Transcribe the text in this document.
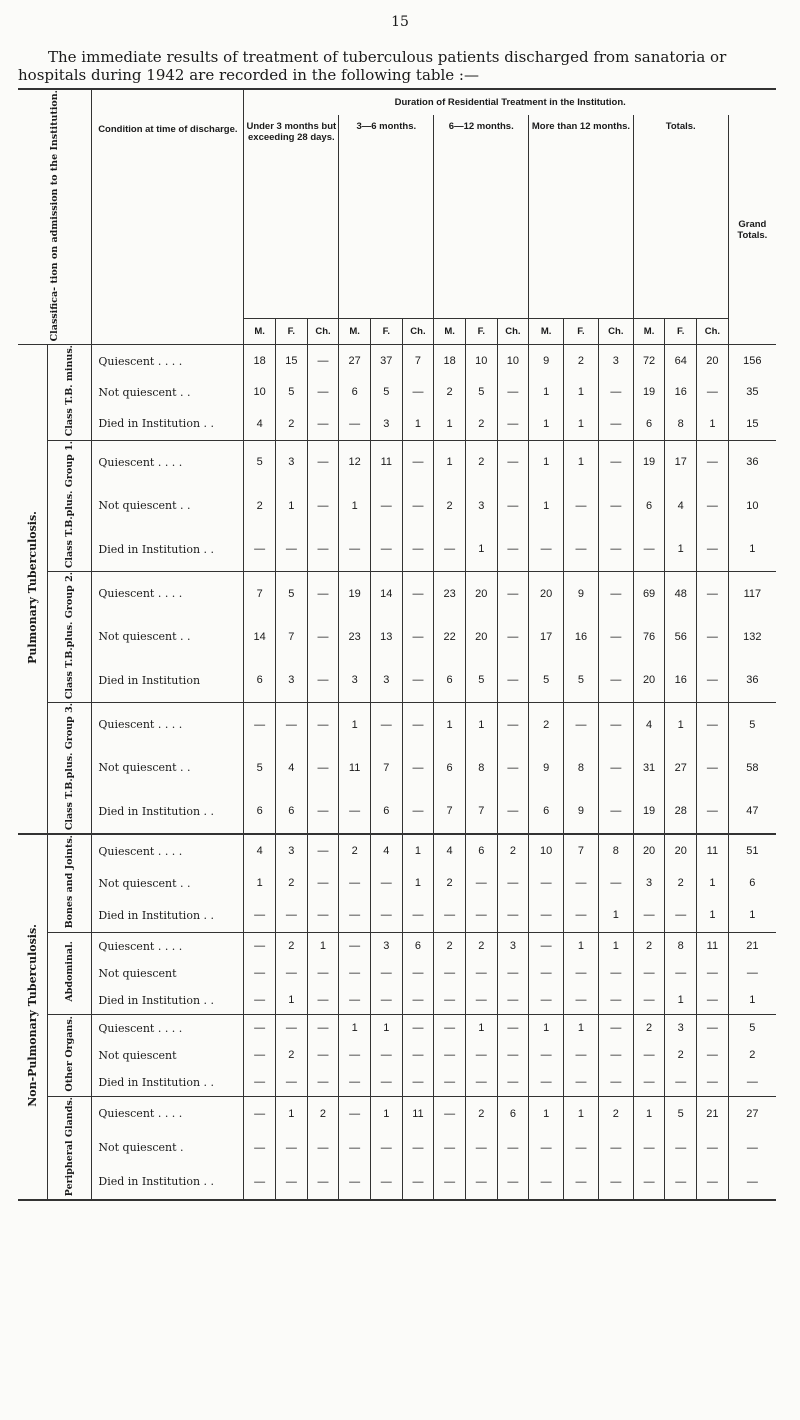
15
The immediate results of treatment of tuberculous patients discharged from sanatoria or
hospitals during 1942 are recorded in the following table :—
Classifica- tion on admission to the Institution.		Condition at time of discharge.	Duration of Residential Treatment in the Institution.															
			Under 3 months but exceeding 28 days.			3—6 months.			6—12 months.			More than 12 months.			Totals.			Grand Totals.
			M.	F.	Ch.	M.	F.	Ch.	M.	F.	Ch.	M.	F.	Ch.	M.	F.	Ch.	
Pulmonary Tuberculosis.	Class T.B. minus.	Quiescent . . . .	18	15	—	27	37	7	18	10	10	9	2	3	72	64	20	156
		Not quiescent . .	10	5	—	6	5	—	2	5	—	1	1	—	19	16	—	35
		Died in Institution . .	4	2	—	—	3	1	1	2	—	1	1	—	6	8	1	15
	Class T.B.plus. Group 1.	Quiescent . . . .	5	3	—	12	11	—	1	2	—	1	1	—	19	17	—	36
		Not quiescent . .	2	1	—	1	—	—	2	3	—	1	—	—	6	4	—	10
		Died in Institution . .	—	—	—	—	—	—	—	1	—	—	—	—	—	1	—	1
	Class T.B.plus. Group 2.	Quiescent . . . .	7	5	—	19	14	—	23	20	—	20	9	—	69	48	—	117
		Not quiescent . .	14	7	—	23	13	—	22	20	—	17	16	—	76	56	—	132
		Died in Institution	6	3	—	3	3	—	6	5	—	5	5	—	20	16	—	36
	Class T.B.plus. Group 3.	Quiescent . . . .	—	—	—	1	—	—	1	1	—	2	—	—	4	1	—	5
		Not quiescent . .	5	4	—	11	7	—	6	8	—	9	8	—	31	27	—	58
		Died in Institution . .	6	6	—	—	6	—	7	7	—	6	9	—	19	28	—	47
Non-Pulmonary Tuberculosis.	Bones and Joints.	Quiescent . . . .	4	3	—	2	4	1	4	6	2	10	7	8	20	20	11	51
		Not quiescent . .	1	2	—	—	—	1	2	—	—	—	—	—	3	2	1	6
		Died in Institution . .	—	—	—	—	—	—	—	—	—	—	—	1	—	—	1	1
	Abdominal.	Quiescent . . . .	—	2	1	—	3	6	2	2	3	—	1	1	2	8	11	21
		Not quiescent	—	—	—	—	—	—	—	—	—	—	—	—	—	—	—	—
		Died in Institution . .	—	1	—	—	—	—	—	—	—	—	—	—	—	1	—	1
	Other Organs.	Quiescent . . . .	—	—	—	1	1	—	—	1	—	1	1	—	2	3	—	5
		Not quiescent	—	2	—	—	—	—	—	—	—	—	—	—	—	2	—	2
		Died in Institution . .	—	—	—	—	—	—	—	—	—	—	—	—	—	—	—	—
	Peripheral Glands.	Quiescent . . . .	—	1	2	—	1	11	—	2	6	1	1	2	1	5	21	27
		Not quiescent .	—	—	—	—	—	—	—	—	—	—	—	—	—	—	—	—
		Died in Institution . .	—	—	—	—	—	—	—	—	—	—	—	—	—	—	—	—
